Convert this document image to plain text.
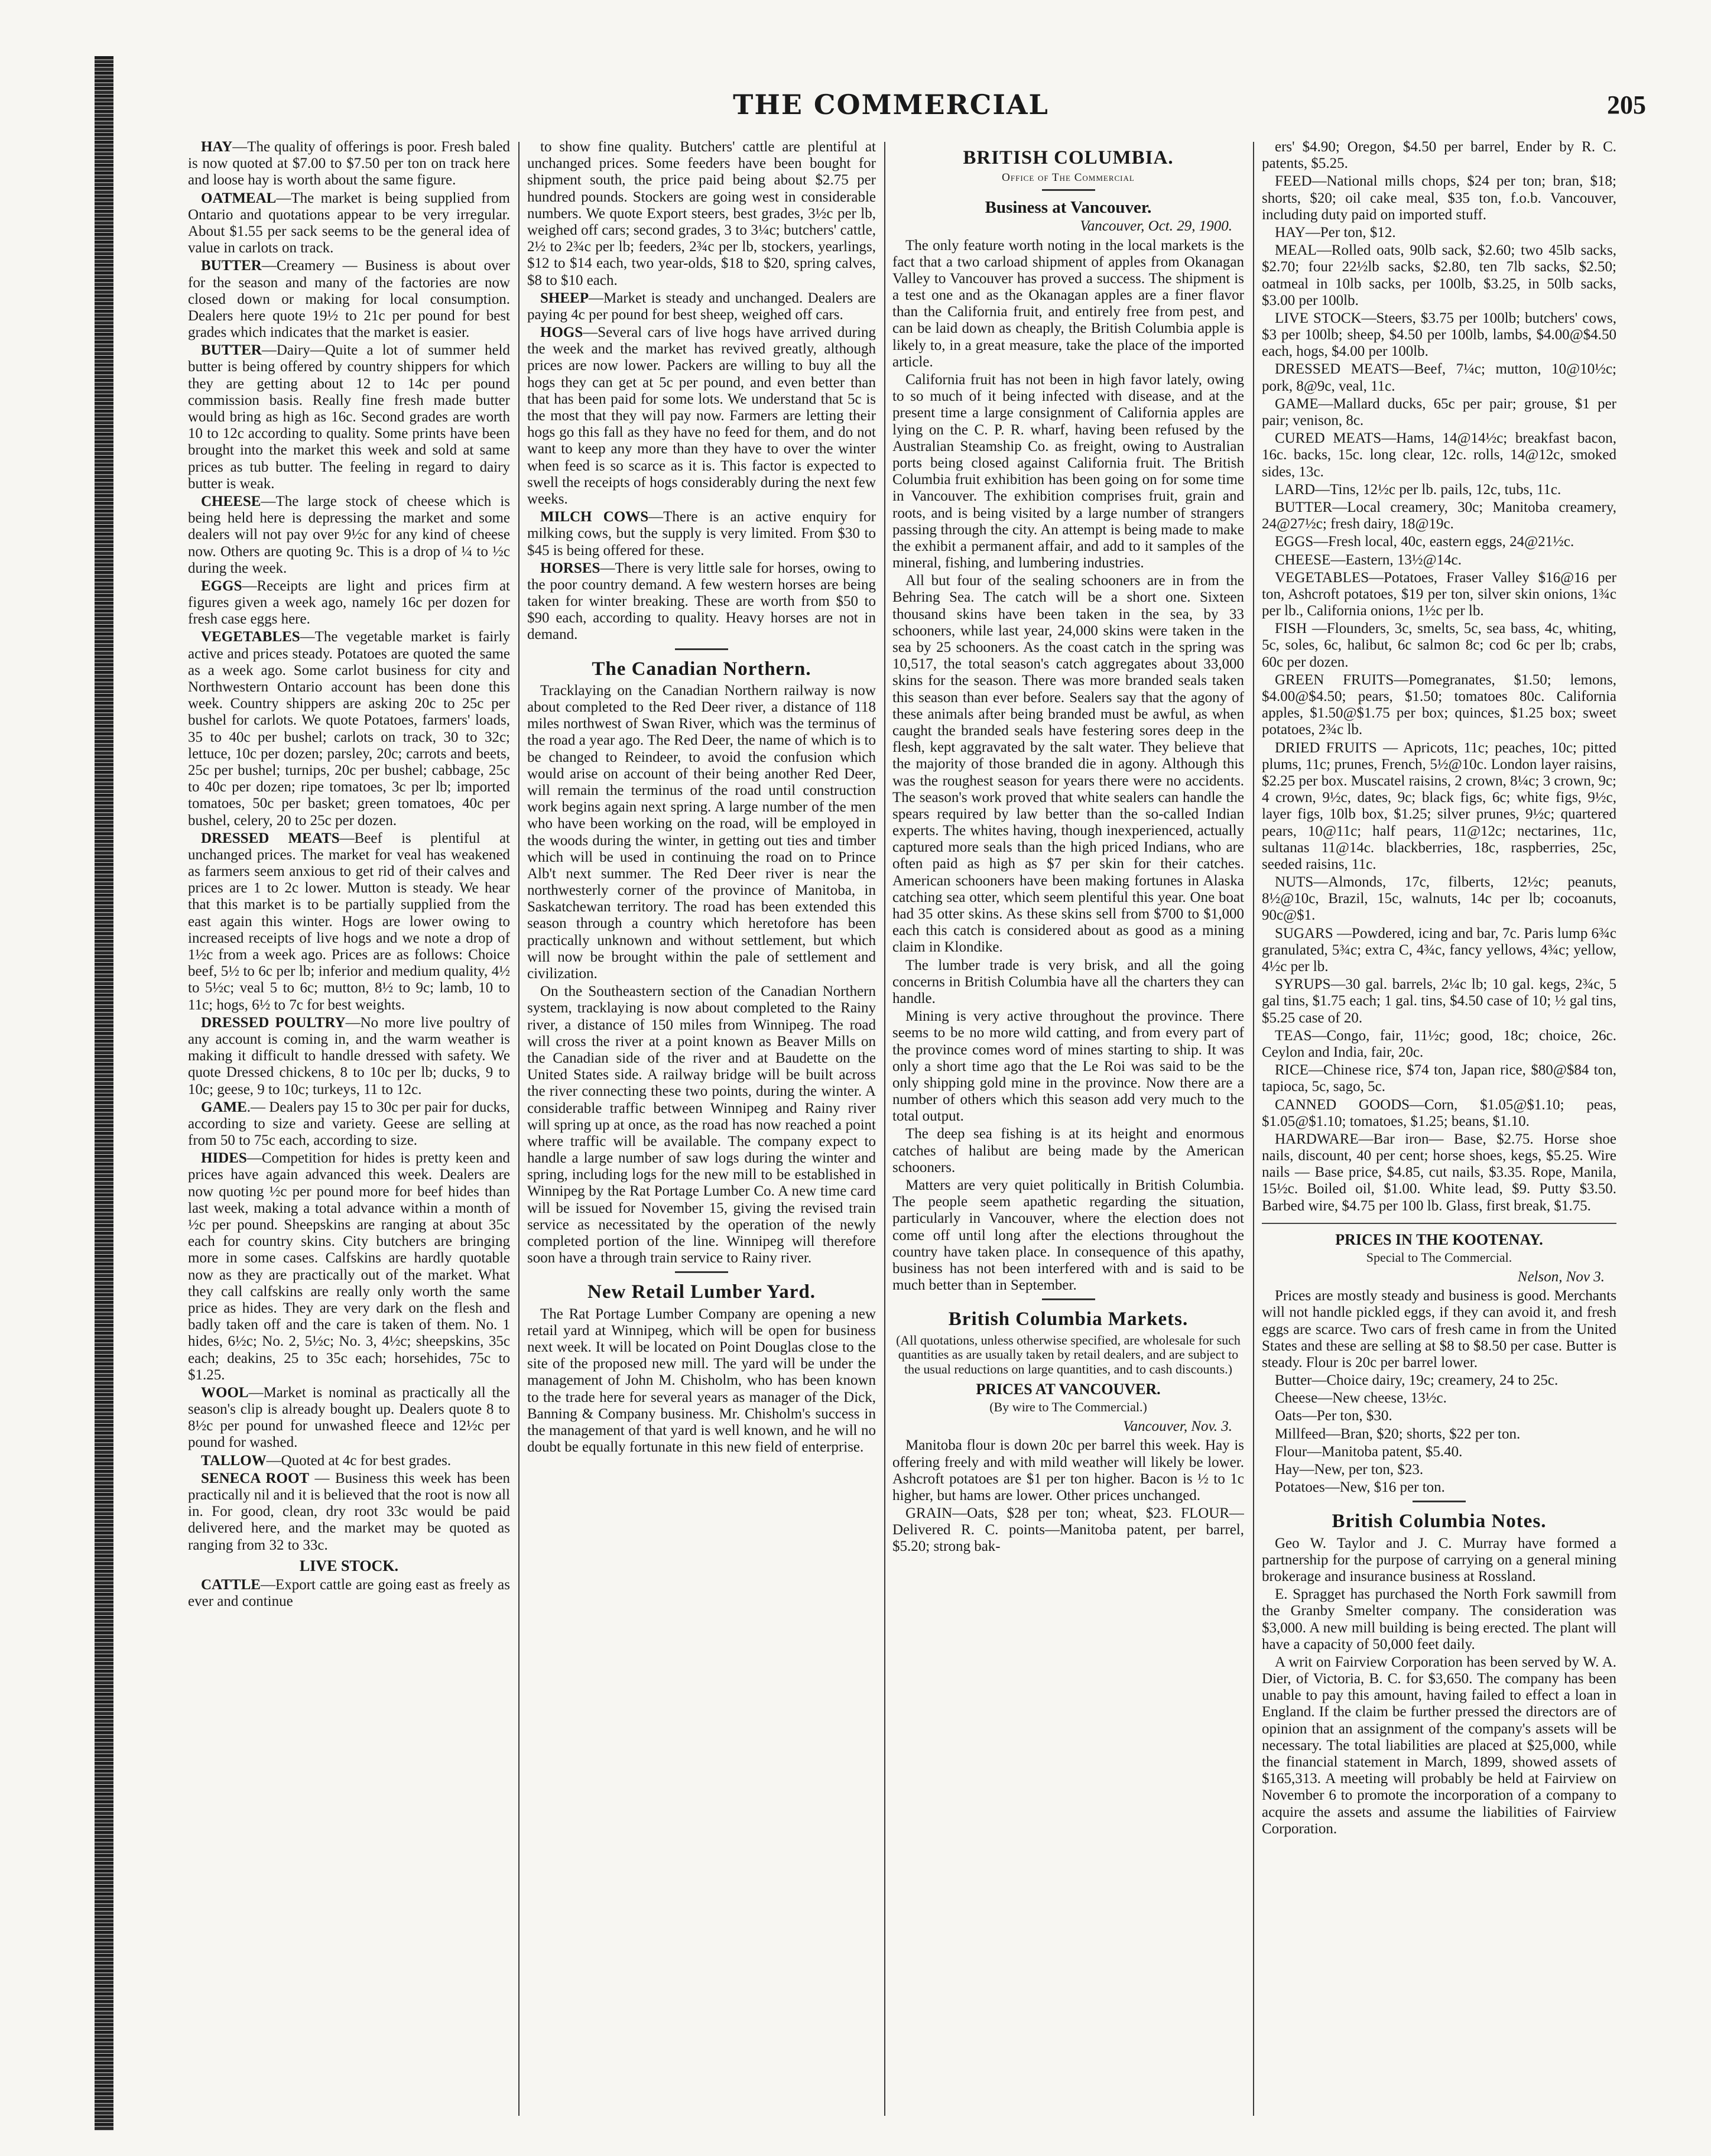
THE COMMERCIAL	205

HAY—The quality of offerings is poor. Fresh baled is now quoted at $7.00 to $7.50 per ton on track here and loose hay is worth about the same figure.

OATMEAL—The market is being supplied from Ontario and quotations appear to be very irregular. About $1.55 per sack seems to be the general idea of value in carlots on track.

BUTTER—Creamery — Business is about over for the season and many of the factories are now closed down or making for local consumption. Dealers here quote 19½ to 21c per pound for best grades which indicates that the market is easier.

BUTTER—Dairy—Quite a lot of summer held butter is being offered by country shippers for which they are getting about 12 to 14c per pound commission basis. Really fine fresh made butter would bring as high as 16c. Second grades are worth 10 to 12c according to quality. Some prints have been brought into the market this week and sold at same prices as tub butter. The feeling in regard to dairy butter is weak.

CHEESE—The large stock of cheese which is being held here is depressing the market and some dealers will not pay over 9½c for any kind of cheese now. Others are quoting 9c. This is a drop of ¼ to ½c during the week.

EGGS—Receipts are light and prices firm at figures given a week ago, namely 16c per dozen for fresh case eggs here.

VEGETABLES—The vegetable market is fairly active and prices steady. Potatoes are quoted the same as a week ago. Some carlot business for city and Northwestern Ontario account has been done this week. Country shippers are asking 20c to 25c per bushel for carlots. We quote Potatoes, farmers' loads, 35 to 40c per bushel; carlots on track, 30 to 32c; lettuce, 10c per dozen; parsley, 20c; carrots and beets, 25c per bushel; turnips, 20c per bushel; cabbage, 25c to 40c per dozen; ripe tomatoes, 3c per lb; imported tomatoes, 50c per basket; green tomatoes, 40c per bushel, celery, 20 to 25c per dozen.

DRESSED MEATS—Beef is plentiful at unchanged prices. The market for veal has weakened as farmers seem anxious to get rid of their calves and prices are 1 to 2c lower. Mutton is steady. We hear that this market is to be partially supplied from the east again this winter. Hogs are lower owing to increased receipts of live hogs and we note a drop of 1½c from a week ago. Prices are as follows: Choice beef, 5½ to 6c per lb; inferior and medium quality, 4½ to 5½c; veal 5 to 6c; mutton, 8½ to 9c; lamb, 10 to 11c; hogs, 6½ to 7c for best weights.

DRESSED POULTRY—No more live poultry of any account is coming in, and the warm weather is making it difficult to handle dressed with safety. We quote Dressed chickens, 8 to 10c per lb; ducks, 9 to 10c; geese, 9 to 10c; turkeys, 11 to 12c.

GAME.— Dealers pay 15 to 30c per pair for ducks, according to size and variety. Geese are selling at from 50 to 75c each, according to size.

HIDES—Competition for hides is pretty keen and prices have again advanced this week. Dealers are now quoting ½c per pound more for beef hides than last week, making a total advance within a month of ½c per pound. Sheepskins are ranging at about 35c each for country skins. City butchers are bringing more in some cases. Calfskins are hardly quotable now as they are practically out of the market. What they call calfskins are really only worth the same price as hides. They are very dark on the flesh and badly taken off and the care is taken of them. No. 1 hides, 6½c; No. 2, 5½c; No. 3, 4½c; sheepskins, 35c each; deakins, 25 to 35c each; horsehides, 75c to $1.25.

WOOL—Market is nominal as practically all the season's clip is already bought up. Dealers quote 8 to 8½c per pound for unwashed fleece and 12½c per pound for washed.

TALLOW—Quoted at 4c for best grades.

SENECA ROOT — Business this week has been practically nil and it is believed that the root is now all in. For good, clean, dry root 33c would be paid delivered here, and the market may be quoted as ranging from 32 to 33c.

LIVE STOCK.

CATTLE—Export cattle are going east as freely as ever and continue

to show fine quality. Butchers' cattle are plentiful at unchanged prices. Some feeders have been bought for shipment south, the price paid being about $2.75 per hundred pounds. Stockers are going west in considerable numbers. We quote Export steers, best grades, 3½c per lb, weighed off cars; second grades, 3 to 3¼c; butchers' cattle, 2½ to 2¾c per lb; feeders, 2¾c per lb, stockers, yearlings, $12 to $14 each, two year-olds, $18 to $20, spring calves, $8 to $10 each.

SHEEP—Market is steady and unchanged. Dealers are paying 4c per pound for best sheep, weighed off cars.

HOGS—Several cars of live hogs have arrived during the week and the market has revived greatly, although prices are now lower. Packers are willing to buy all the hogs they can get at 5c per pound, and even better than that has been paid for some lots. We understand that 5c is the most that they will pay now. Farmers are letting their hogs go this fall as they have no feed for them, and do not want to keep any more than they have to over the winter when feed is so scarce as it is. This factor is expected to swell the receipts of hogs considerably during the next few weeks.

MILCH COWS—There is an active enquiry for milking cows, but the supply is very limited. From $30 to $45 is being offered for these.

HORSES—There is very little sale for horses, owing to the poor country demand. A few western horses are being taken for winter breaking. These are worth from $50 to $90 each, according to quality. Heavy horses are not in demand.

The Canadian Northern.

Tracklaying on the Canadian Northern railway is now about completed to the Red Deer river, a distance of 118 miles northwest of Swan River, which was the terminus of the road a year ago. The Red Deer, the name of which is to be changed to Reindeer, to avoid the confusion which would arise on account of their being another Red Deer, will remain the terminus of the road until construction work begins again next spring. A large number of the men who have been working on the road, will be employed in the woods during the winter, in getting out ties and timber which will be used in continuing the road on to Prince Alb't next summer. The Red Deer river is near the northwesterly corner of the province of Manitoba, in Saskatchewan territory. The road has been extended this season through a country which heretofore has been practically unknown and without settlement, but which will now be brought within the pale of settlement and civilization.

On the Southeastern section of the Canadian Northern system, tracklaying is now about completed to the Rainy river, a distance of 150 miles from Winnipeg. The road will cross the river at a point known as Beaver Mills on the Canadian side of the river and at Baudette on the United States side. A railway bridge will be built across the river connecting these two points, during the winter. A considerable traffic between Winnipeg and Rainy river will spring up at once, as the road has now reached a point where traffic will be available. The company expect to handle a large number of saw logs during the winter and spring, including logs for the new mill to be established in Winnipeg by the Rat Portage Lumber Co. A new time card will be issued for November 15, giving the revised train service as necessitated by the operation of the newly completed portion of the line. Winnipeg will therefore soon have a through train service to Rainy river.

New Retail Lumber Yard.

The Rat Portage Lumber Company are opening a new retail yard at Winnipeg, which will be open for business next week. It will be located on Point Douglas close to the site of the proposed new mill. The yard will be under the management of John M. Chisholm, who has been known to the trade here for several years as manager of the Dick, Banning & Company business. Mr. Chisholm's success in the management of that yard is well known, and he will no doubt be equally fortunate in this new field of enterprise.

BRITISH COLUMBIA.
Office of The Commercial
Business at Vancouver.
Vancouver, Oct. 29, 1900.

The only feature worth noting in the local markets is the fact that a two carload shipment of apples from Okanagan Valley to Vancouver has proved a success. The shipment is a test one and as the Okanagan apples are a finer flavor than the California fruit, and entirely free from pest, and can be laid down as cheaply, the British Columbia apple is likely to, in a great measure, take the place of the imported article.

California fruit has not been in high favor lately, owing to so much of it being infected with disease, and at the present time a large consignment of California apples are lying on the C. P. R. wharf, having been refused by the Australian Steamship Co. as freight, owing to Australian ports being closed against California fruit. The British Columbia fruit exhibition has been going on for some time in Vancouver. The exhibition comprises fruit, grain and roots, and is being visited by a large number of strangers passing through the city. An attempt is being made to make the exhibit a permanent affair, and add to it samples of the mineral, fishing, and lumbering industries.

All but four of the sealing schooners are in from the Behring Sea. The catch will be a short one. Sixteen thousand skins have been taken in the sea, by 33 schooners, while last year, 24,000 skins were taken in the sea by 25 schooners. As the coast catch in the spring was 10,517, the total season's catch aggregates about 33,000 skins for the season. There was more branded seals taken this season than ever before. Sealers say that the agony of these animals after being branded must be awful, as when caught the branded seals have festering sores deep in the flesh, kept aggravated by the salt water. They believe that the majority of those branded die in agony. Although this was the roughest season for years there were no accidents. The season's work proved that white sealers can handle the spears required by law better than the so-called Indian experts. The whites having, though inexperienced, actually captured more seals than the high priced Indians, who are often paid as high as $7 per skin for their catches. American schooners have been making fortunes in Alaska catching sea otter, which seem plentiful this year. One boat had 35 otter skins. As these skins sell from $700 to $1,000 each this catch is considered about as good as a mining claim in Klondike.

The lumber trade is very brisk, and all the going concerns in British Columbia have all the charters they can handle.

Mining is very active throughout the province. There seems to be no more wild catting, and from every part of the province comes word of mines starting to ship. It was only a short time ago that the Le Roi was said to be the only shipping gold mine in the province. Now there are a number of others which this season add very much to the total output.

The deep sea fishing is at its height and enormous catches of halibut are being made by the American schooners.

Matters are very quiet politically in British Columbia. The people seem apathetic regarding the situation, particularly in Vancouver, where the election does not come off until long after the elections throughout the country have taken place. In consequence of this apathy, business has not been interfered with and is said to be much better than in September.

British Columbia Markets.
(All quotations, unless otherwise specified, are wholesale for such quantities as are usually taken by retail dealers, and are subject to the usual reductions on large quantities, and to cash discounts.)
PRICES AT VANCOUVER.
(By wire to The Commercial.)
Vancouver, Nov. 3.

Manitoba flour is down 20c per barrel this week. Hay is offering freely and with mild weather will likely be lower. Ashcroft potatoes are $1 per ton higher. Bacon is ½ to 1c higher, but hams are lower. Other prices unchanged.

GRAIN—Oats, $28 per ton; wheat, $23. FLOUR—Delivered R. C. points—Manitoba patent, per barrel, $5.20; strong bak-

ers' $4.90; Oregon, $4.50 per barrel, Ender by R. C. patents, $5.25.

FEED—National mills chops, $24 per ton; bran, $18; shorts, $20; oil cake meal, $35 ton, f.o.b. Vancouver, including duty paid on imported stuff.

HAY—Per ton, $12.

MEAL—Rolled oats, 90lb sack, $2.60; two 45lb sacks, $2.70; four 22½lb sacks, $2.80, ten 7lb sacks, $2.50; oatmeal in 10lb sacks, per 100lb, $3.25, in 50lb sacks, $3.00 per 100lb.

LIVE STOCK—Steers, $3.75 per 100lb; butchers' cows, $3 per 100lb; sheep, $4.50 per 100lb, lambs, $4.00@$4.50 each, hogs, $4.00 per 100lb.

DRESSED MEATS—Beef, 7¼c; mutton, 10@10½c; pork, 8@9c, veal, 11c.

GAME—Mallard ducks, 65c per pair; grouse, $1 per pair; venison, 8c.

CURED MEATS—Hams, 14@14½c; breakfast bacon, 16c. backs, 15c. long clear, 12c. rolls, 14@12c, smoked sides, 13c.

LARD—Tins, 12½c per lb. pails, 12c, tubs, 11c.

BUTTER—Local creamery, 30c; Manitoba creamery, 24@27½c; fresh dairy, 18@19c.

EGGS—Fresh local, 40c, eastern eggs, 24@21½c.

CHEESE—Eastern, 13½@14c.

VEGETABLES—Potatoes, Fraser Valley $16@16 per ton, Ashcroft potatoes, $19 per ton, silver skin onions, 1¾c per lb., California onions, 1½c per lb.

FISH —Flounders, 3c, smelts, 5c, sea bass, 4c, whiting, 5c, soles, 6c, halibut, 6c salmon 8c; cod 6c per lb; crabs, 60c per dozen.

GREEN FRUITS—Pomegranates, $1.50; lemons, $4.00@$4.50; pears, $1.50; tomatoes 80c. California apples, $1.50@$1.75 per box; quinces, $1.25 box; sweet potatoes, 2¾c lb.

DRIED FRUITS — Apricots, 11c; peaches, 10c; pitted plums, 11c; prunes, French, 5½@10c. London layer raisins, $2.25 per box. Muscatel raisins, 2 crown, 8¼c; 3 crown, 9c; 4 crown, 9½c, dates, 9c; black figs, 6c; white figs, 9½c, layer figs, 10lb box, $1.25; silver prunes, 9½c; quartered pears, 10@11c; half pears, 11@12c; nectarines, 11c, sultanas 11@14c. blackberries, 18c, raspberries, 25c, seeded raisins, 11c.

NUTS—Almonds, 17c, filberts, 12½c; peanuts, 8½@10c, Brazil, 15c, walnuts, 14c per lb; cocoanuts, 90c@$1.

SUGARS —Powdered, icing and bar, 7c. Paris lump 6¾c granulated, 5¾c; extra C, 4¾c, fancy yellows, 4¾c; yellow, 4½c per lb.

SYRUPS—30 gal. barrels, 2¼c lb; 10 gal. kegs, 2¾c, 5 gal tins, $1.75 each; 1 gal. tins, $4.50 case of 10; ½ gal tins, $5.25 case of 20.

TEAS—Congo, fair, 11½c; good, 18c; choice, 26c. Ceylon and India, fair, 20c.

RICE—Chinese rice, $74 ton, Japan rice, $80@$84 ton, tapioca, 5c, sago, 5c.

CANNED GOODS—Corn, $1.05@$1.10; peas, $1.05@$1.10; tomatoes, $1.25; beans, $1.10.

HARDWARE—Bar iron— Base, $2.75. Horse shoe nails, discount, 40 per cent; horse shoes, kegs, $5.25. Wire nails — Base price, $4.85, cut nails, $3.35. Rope, Manila, 15½c. Boiled oil, $1.00. White lead, $9. Putty $3.50. Barbed wire, $4.75 per 100 lb. Glass, first break, $1.75.

PRICES IN THE KOOTENAY.
Special to The Commercial.
Nelson, Nov 3.

Prices are mostly steady and business is good. Merchants will not handle pickled eggs, if they can avoid it, and fresh eggs are scarce. Two cars of fresh came in from the United States and these are selling at $8 to $8.50 per case. Butter is steady. Flour is 20c per barrel lower.

Butter—Choice dairy, 19c; creamery, 24 to 25c.

Cheese—New cheese, 13½c.

Oats—Per ton, $30.

Millfeed—Bran, $20; shorts, $22 per ton.

Flour—Manitoba patent, $5.40.

Hay—New, per ton, $23.

Potatoes—New, $16 per ton.

British Columbia Notes.

Geo W. Taylor and J. C. Murray have formed a partnership for the purpose of carrying on a general mining brokerage and insurance business at Rossland.

E. Spragget has purchased the North Fork sawmill from the Granby Smelter company. The consideration was $3,000. A new mill building is being erected. The plant will have a capacity of 50,000 feet daily.

A writ on Fairview Corporation has been served by W. A. Dier, of Victoria, B. C. for $3,650. The company has been unable to pay this amount, having failed to effect a loan in England. If the claim be further pressed the directors are of opinion that an assignment of the company's assets will be necessary. The total liabilities are placed at $25,000, while the financial statement in March, 1899, showed assets of $165,313. A meeting will probably be held at Fairview on November 6 to promote the incorporation of a company to acquire the assets and assume the liabilities of Fairview Corporation.
